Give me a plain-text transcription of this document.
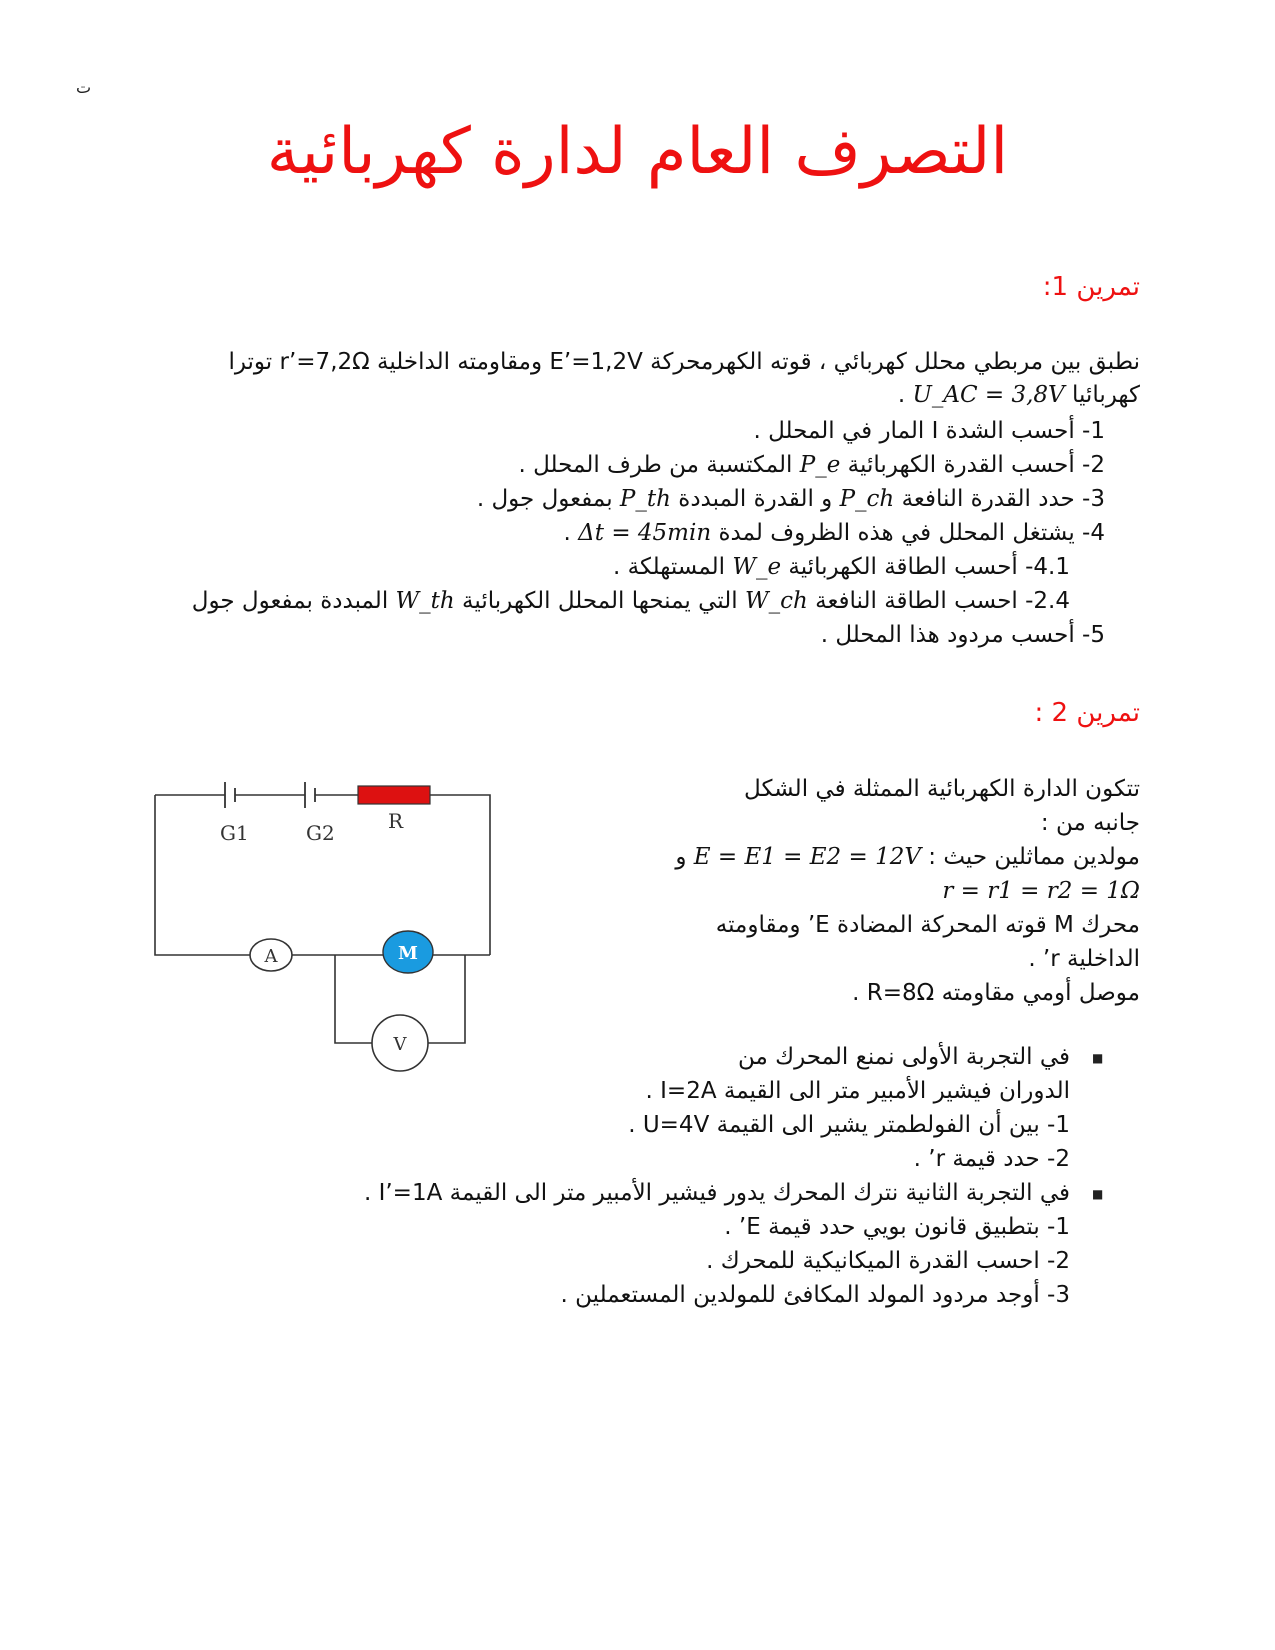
ت
التصرف العام لدارة كهربائية
تمرين 1:
نطبق بين مربطي محلل كهربائي ، قوته الكهرمحركة E’=1,2V ومقاومته الداخلية r’=7,2Ω توترا
كهربائيا U_AC = 3,8V .
1- أحسب الشدة I المار في المحلل .
2- أحسب القدرة الكهربائية P_e المكتسبة من طرف المحلل .
3- حدد القدرة النافعة P_ch و القدرة المبددة P_th بمفعول جول .
4- يشتغل المحلل في هذه الظروف لمدة Δt = 45min .
4.1- أحسب الطاقة الكهربائية W_e المستهلكة .
2.4- احسب الطاقة النافعة W_ch التي يمنحها المحلل الكهربائية W_th المبددة بمفعول جول
5- أحسب مردود هذا المحلل .
تمرين 2 :
تتكون الدارة الكهربائية الممثلة في الشكل
جانبه من :
مولدين مماثلين حيث : E = E1 = E2 = 12V و
r = r1 = r2 = 1Ω
محرك M قوته المحركة المضادة E’ ومقاومته
الداخلية r’ .
موصل أومي مقاومته R=8Ω .
■
في التجربة الأولى نمنع المحرك من
الدوران فيشير الأمبير متر الى القيمة I=2A .
1- بين أن الفولطمتر يشير الى القيمة U=4V .
2- حدد قيمة r’ .
■
في التجربة الثانية نترك المحرك يدور فيشير الأمبير متر الى القيمة I’=1A .
1- بتطبيق قانون بويي حدد قيمة E’ .
2- احسب القدرة الميكانيكية للمحرك .
3- أوجد مردود المولد المكافئ للمولدين المستعملين .
G1	G2	R
A	M
V
